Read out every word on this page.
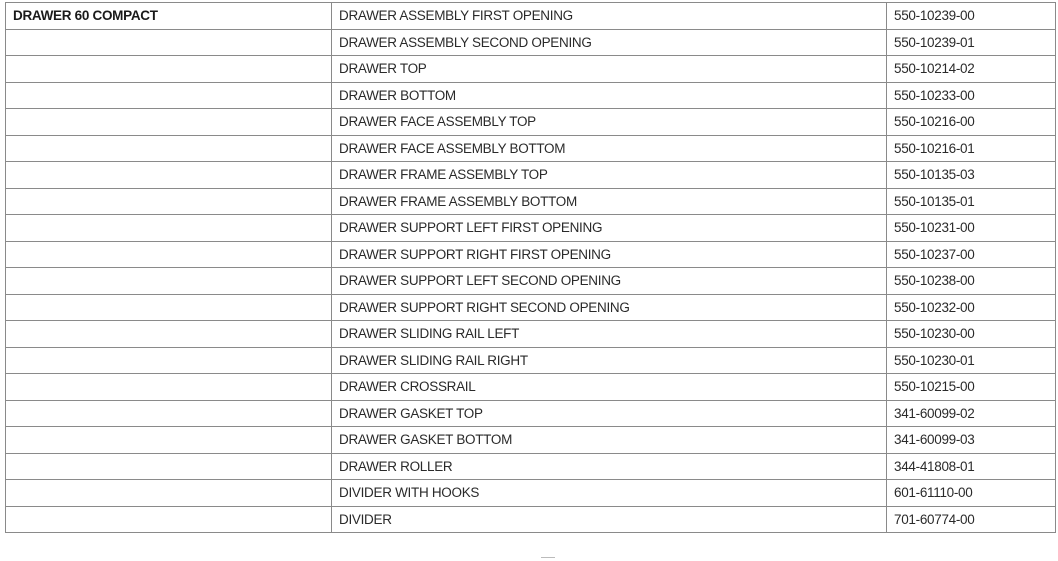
DRAWER 60 COMPACT	DRAWER ASSEMBLY FIRST OPENING	550-10239-00
	DRAWER ASSEMBLY SECOND OPENING	550-10239-01
	DRAWER TOP	550-10214-02
	DRAWER BOTTOM	550-10233-00
	DRAWER FACE ASSEMBLY TOP	550-10216-00
	DRAWER FACE ASSEMBLY BOTTOM	550-10216-01
	DRAWER FRAME ASSEMBLY TOP	550-10135-03
	DRAWER FRAME ASSEMBLY BOTTOM	550-10135-01
	DRAWER SUPPORT LEFT FIRST OPENING	550-10231-00
	DRAWER SUPPORT RIGHT FIRST OPENING	550-10237-00
	DRAWER SUPPORT LEFT SECOND OPENING	550-10238-00
	DRAWER SUPPORT RIGHT SECOND OPENING	550-10232-00
	DRAWER SLIDING RAIL LEFT	550-10230-00
	DRAWER SLIDING RAIL RIGHT	550-10230-01
	DRAWER CROSSRAIL	550-10215-00
	DRAWER GASKET TOP	341-60099-02
	DRAWER GASKET BOTTOM	341-60099-03
	DRAWER ROLLER	344-41808-01
	DIVIDER WITH HOOKS	601-61110-00
	DIVIDER	701-60774-00
